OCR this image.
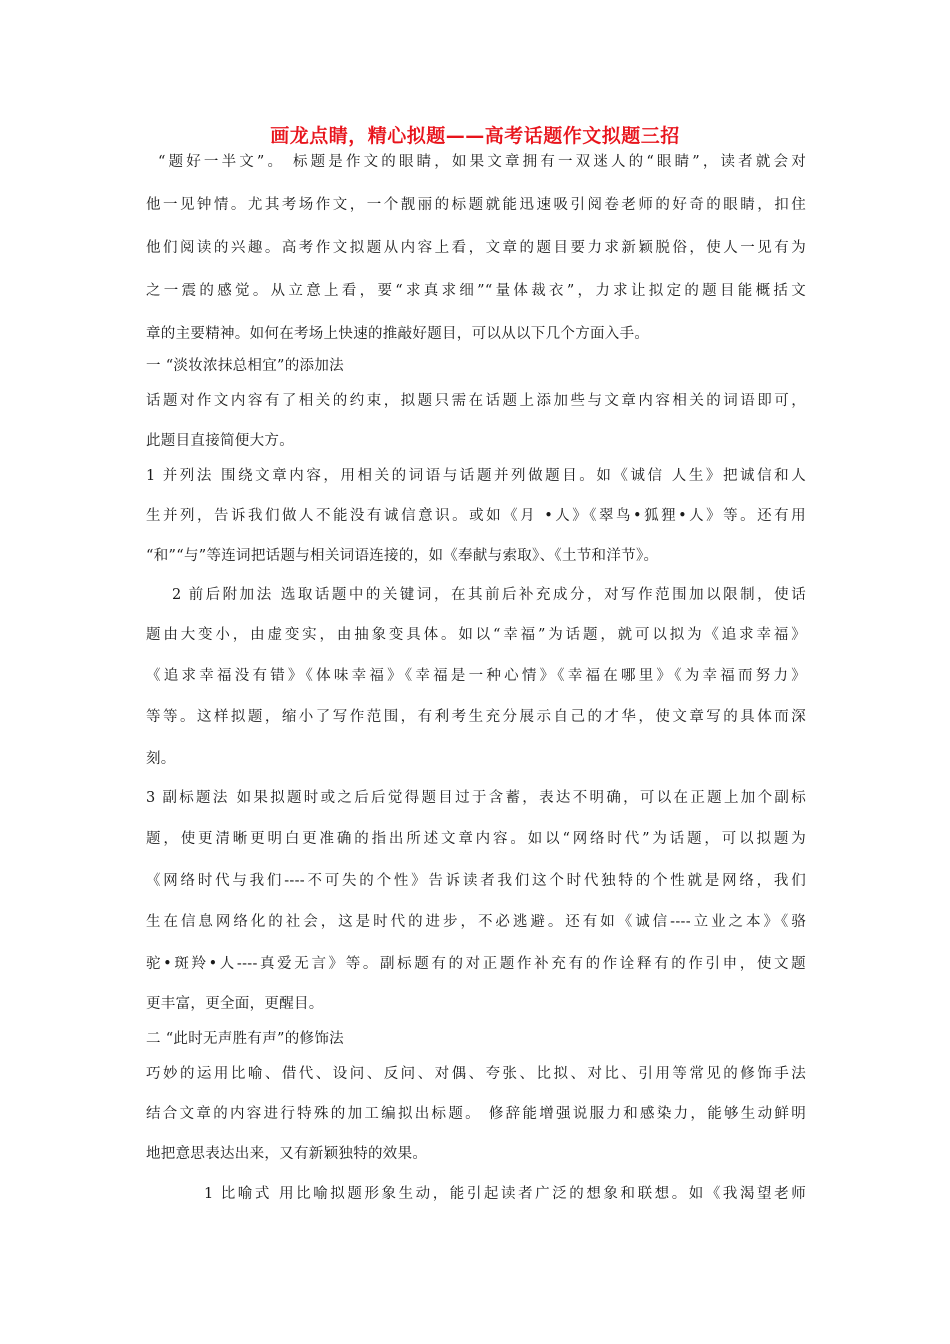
画龙点睛，精心拟题——高考话题作文拟题三招
“题好一半文”。 标题是作文的眼睛，如果文章拥有一双迷人的“眼睛”，读者就会对
他一见钟情。尤其考场作文，一个靓丽的标题就能迅速吸引阅卷老师的好奇的眼睛，扣住
他们阅读的兴趣。高考作文拟题从内容上看，文章的题目要力求新颖脱俗，使人一见有为
之一震的感觉。从立意上看，要“求真求细”“量体裁衣”，力求让拟定的题目能概括文
章的主要精神。如何在考场上快速的推敲好题目，可以从以下几个方面入手。
一 “淡妆浓抹总相宜”的添加法
话题对作文内容有了相关的约束，拟题只需在话题上添加些与文章内容相关的词语即可，
此题目直接简便大方。
1 并列法 围绕文章内容，用相关的词语与话题并列做题目。如《诚信 人生》把诚信和人
生并列，告诉我们做人不能没有诚信意识。或如《月 •人》《翠鸟•狐狸•人》等。还有用
“和”“与”等连词把话题与相关词语连接的，如《奉献与索取》、《土节和洋节》。
2 前后附加法 选取话题中的关键词，在其前后补充成分，对写作范围加以限制，使话
题由大变小，由虚变实，由抽象变具体。如以“幸福”为话题，就可以拟为《追求幸福》
《追求幸福没有错》《体味幸福》《幸福是一种心情》《幸福在哪里》《为幸福而努力》
等等。这样拟题，缩小了写作范围，有利考生充分展示自己的才华，使文章写的具体而深
刻。
3 副标题法 如果拟题时或之后后觉得题目过于含蓄，表达不明确，可以在正题上加个副标
题，使更清晰更明白更准确的指出所述文章内容。如以“网络时代”为话题，可以拟题为
《网络时代与我们----不可失的个性》告诉读者我们这个时代独特的个性就是网络，我们
生在信息网络化的社会，这是时代的进步，不必逃避。还有如《诚信----立业之本》《骆
驼•斑羚•人----真爱无言》等。副标题有的对正题作补充有的作诠释有的作引申，使文题
更丰富，更全面，更醒目。
二 “此时无声胜有声”的修饰法
巧妙的运用比喻、借代、设问、反问、对偶、夸张、比拟、对比、引用等常见的修饰手法
结合文章的内容进行特殊的加工编拟出标题。 修辞能增强说服力和感染力，能够生动鲜明
地把意思表达出来，又有新颖独特的效果。
1 比喻式 用比喻拟题形象生动，能引起读者广泛的想象和联想。如《我渴望老师
